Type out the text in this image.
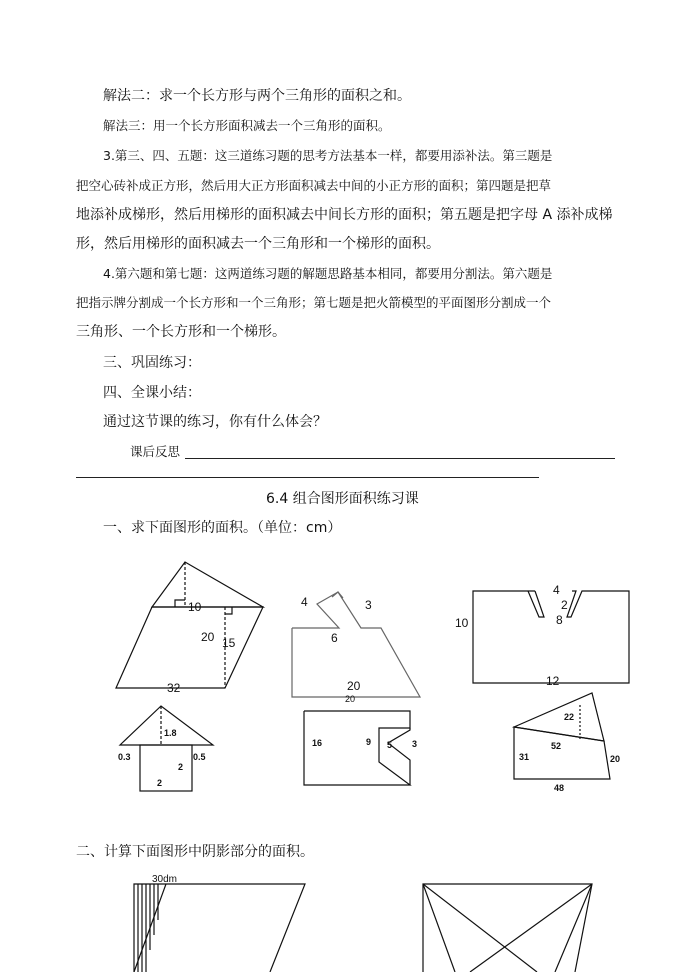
解法二：求一个长方形与两个三角形的面积之和。
解法三：用一个长方形面积减去一个三角形的面积。
3.第三、四、五题：这三道练习题的思考方法基本一样，都要用添补法。第三题是
把空心砖补成正方形，然后用大正方形面积减去中间的小正方形的面积；第四题是把草
地添补成梯形，然后用梯形的面积减去中间长方形的面积；第五题是把字母 A 添补成梯
形，然后用梯形的面积减去一个三角形和一个梯形的面积。
4.第六题和第七题：这两道练习题的解题思路基本相同，都要用分割法。第六题是
把指示牌分割成一个长方形和一个三角形；第七题是把火箭模型的平面图形分割成一个
三角形、一个长方形和一个梯形。
三、巩固练习：
四、全课小结：
通过这节课的练习，你有什么体会？
课后反思
6.4 组合图形面积练习课
一、求下面图形的面积。（单位：cm）
二、计算下面图形中阴影部分的面积。
10
20 15
32
4	3
6
20
20
4
2
8
10
12
1.8
0.3	0.5
2
2
16	9 5 3
22
52
31	20
48
30dm
